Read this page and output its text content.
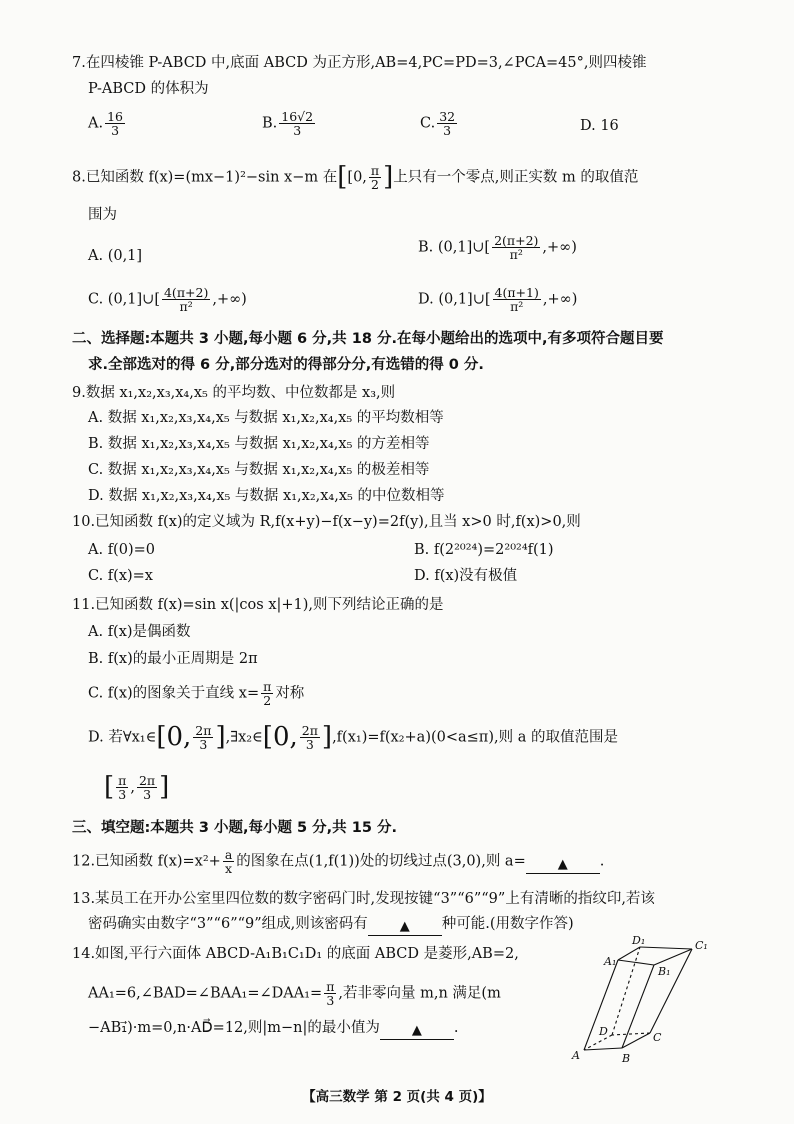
7.在四棱锥 P-ABCD 中,底面 ABCD 为正方形,AB=4,PC=PD=3,∠PCA=45°,则四棱锥
P-ABCD 的体积为
A. $\frac{16}{3}$	B. $\frac{16√2}{3}$	C. $\frac{32}{3}$	D. 16
8.已知函数 f(x)=(mx−1)²−sin x−m 在[[0, $\frac{\pi}{2}$ ]上只有一个零点,则正实数 m 的取值范
围为
A. (0,1]
B. (0,1]∪[ $\frac{2(\pi+2)}{\text{π²}}$ ,+∞)
C. (0,1]∪[ $\frac{4(\pi+2)}{\text{π²}}$ ,+∞)	D. (0,1]∪[ $\frac{4(\pi+1)}{\text{π²}}$ ,+∞)
二、选择题:本题共 3 小题,每小题 6 分,共 18 分.在每小题给出的选项中,有多项符合题目要
求.全部选对的得 6 分,部分选对的得部分分,有选错的得 0 分.
9.数据 x₁,x₂,x₃,x₄,x₅ 的平均数、中位数都是 x₃,则
A. 数据 x₁,x₂,x₃,x₄,x₅ 与数据 x₁,x₂,x₄,x₅ 的平均数相等
B. 数据 x₁,x₂,x₃,x₄,x₅ 与数据 x₁,x₂,x₄,x₅ 的方差相等
C. 数据 x₁,x₂,x₃,x₄,x₅ 与数据 x₁,x₂,x₄,x₅ 的极差相等
D. 数据 x₁,x₂,x₃,x₄,x₅ 与数据 x₁,x₂,x₄,x₅ 的中位数相等
10.已知函数 f(x)的定义域为 R,f(x+y)−f(x−y)=2f(y),且当 x>0 时,f(x)>0,则
A. f(0)=0	B. f(2²⁰²⁴)=2²⁰²⁴f(1)
C. f(x)=x	D. f(x)没有极值
11.已知函数 f(x)=sin x(|cos x|+1),则下列结论正确的是
A. f(x)是偶函数
B. f(x)的最小正周期是 2π
C. f(x)的图象关于直线 $x= \frac{\pi}{2}$ 对称
D. 若∀x₁∈[0, $\frac{2\pi}{3}$ ],∃x₂∈[0, $\frac{2\pi}{3} ],f(x_1)=f(x_2+a)(0<a\le\pi)$,则 a 的取值范围是
[ $\frac{\pi}{3}$ , $\frac{2\pi}{3}$ ]
三、填空题:本题共 3 小题,每小题 5 分,共 15 分.
12.已知函数 $f(x)=x^2+ \frac{a}{x}$ 的图象在点(1,f(1))处的切线过点(3,0),则 a= ▲ .
13.某员工在开办公室里四位数的数字密码门时,发现按键“3”“6”“9”上有清晰的指纹印,若该
密码确实由数字“3”“6”“9”组成,则该密码有 ▲ 种可能.(用数字作答)
14.如图,平行六面体 ABCD-A₁B₁C₁D₁ 的底面 ABCD 是菱形,AB=2,
AA₁=6,∠BAD=∠BAA₁=∠DAA₁= $\frac{\pi}{3}$ ,若非零向量 m,n 满足(m
−AB₁⃗)·m=0,n·AD⃗=12,则|m−n|的最小值为 ▲ .
D₁	C₁
A₁
B₁
D	C
A	B
【高三数学 第 2 页(共 4 页)】
